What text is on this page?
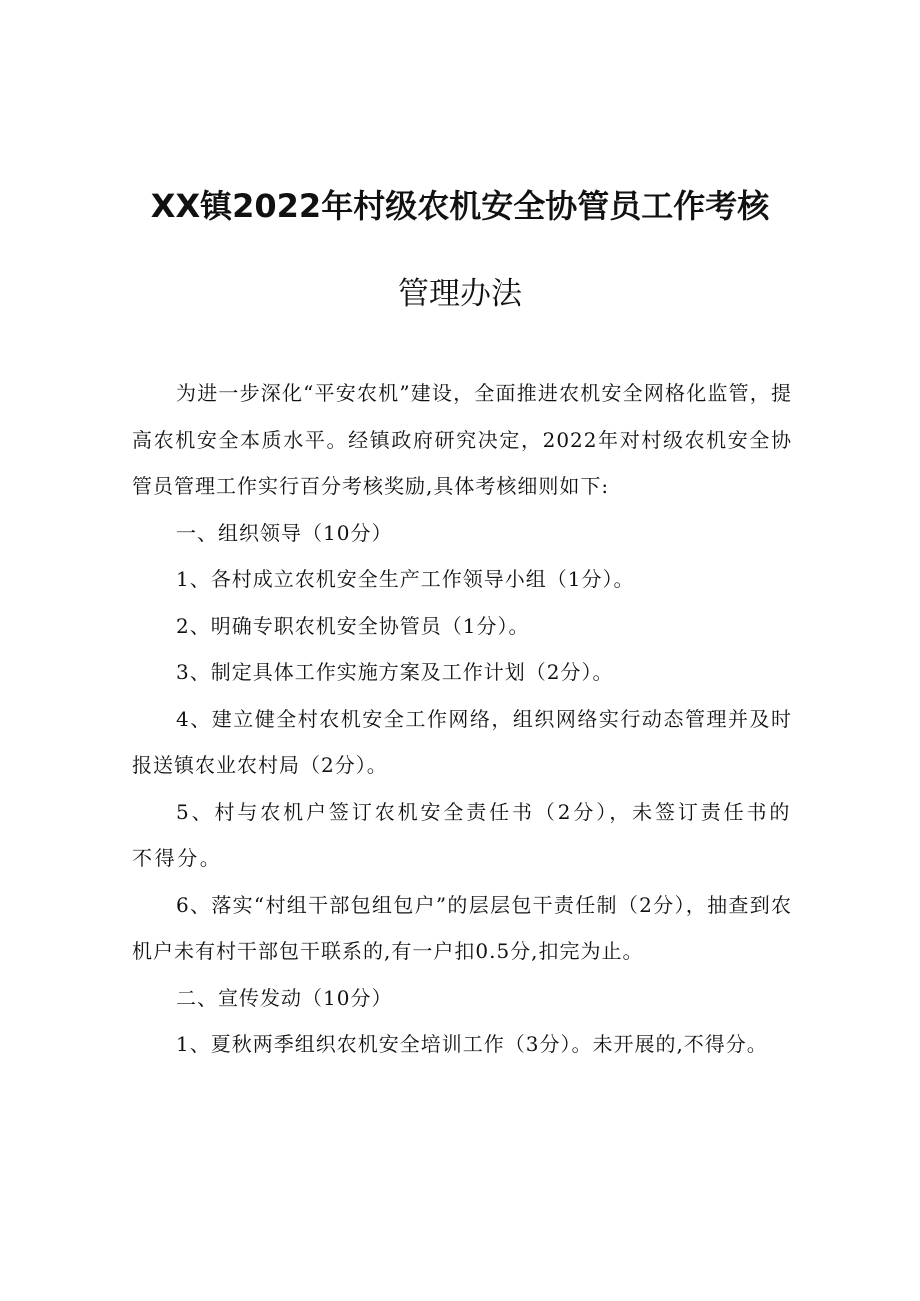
XX镇2022年村级农机安全协管员工作考核
管理办法

为进一步深化“平安农机”建设，全面推进农机安全网格化监管，提高农机安全本质水平。经镇政府研究决定，2022年对村级农机安全协管员管理工作实行百分考核奖励,具体考核细则如下:

一、组织领导（10分）

1、各村成立农机安全生产工作领导小组（1分）。

2、明确专职农机安全协管员（1分）。

3、制定具体工作实施方案及工作计划（2分）。

4、建立健全村农机安全工作网络，组织网络实行动态管理并及时报送镇农业农村局（2分）。

5、村与农机户签订农机安全责任书（2分），未签订责任书的不得分。

6、落实“村组干部包组包户”的层层包干责任制（2分），抽查到农机户未有村干部包干联系的,有一户扣0.5分,扣完为止。

二、宣传发动（10分）

1、夏秋两季组织农机安全培训工作（3分）。未开展的,不得分。
